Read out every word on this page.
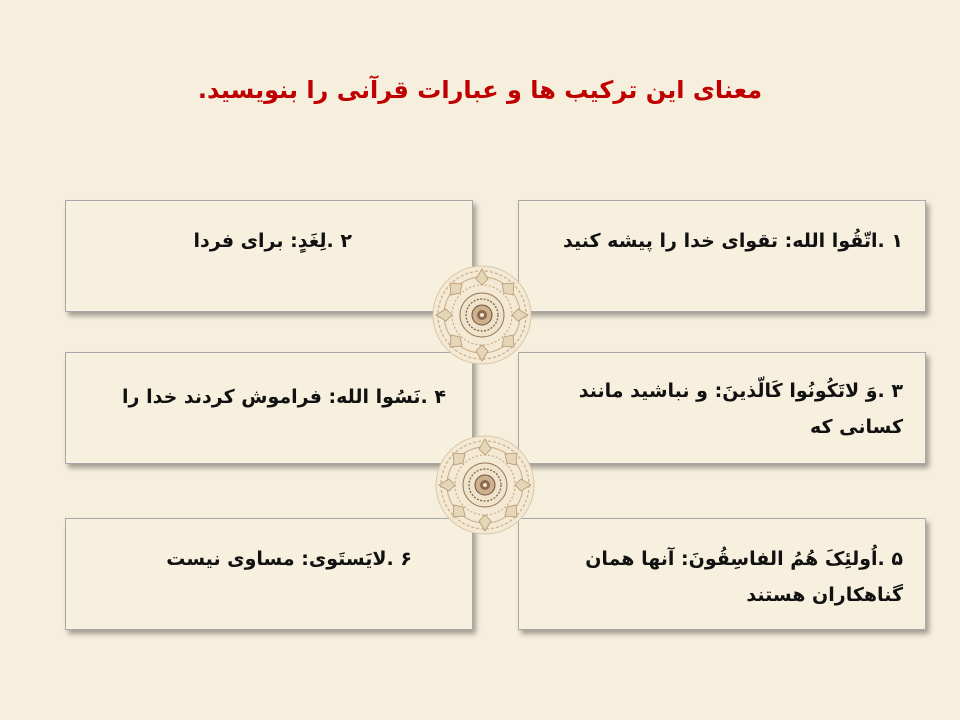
معنای این ترکیب ها و عبارات قرآنی را بنویسید.
۱ .اتّقُوا الله: تقوای خدا را پیشه کنید
۲ .لِغَدٍ: برای فردا
۳ .وَ لاتَکُونُوا کَالّذینَ: و نباشید مانند کسانی که
۴ .نَسُوا الله: فراموش کردند خدا را
۵ .اُولئِکَ هُمُ الفاسِقُونَ: آنها همان گناهکاران هستند
۶ .لایَستَوی: مساوی نیست
